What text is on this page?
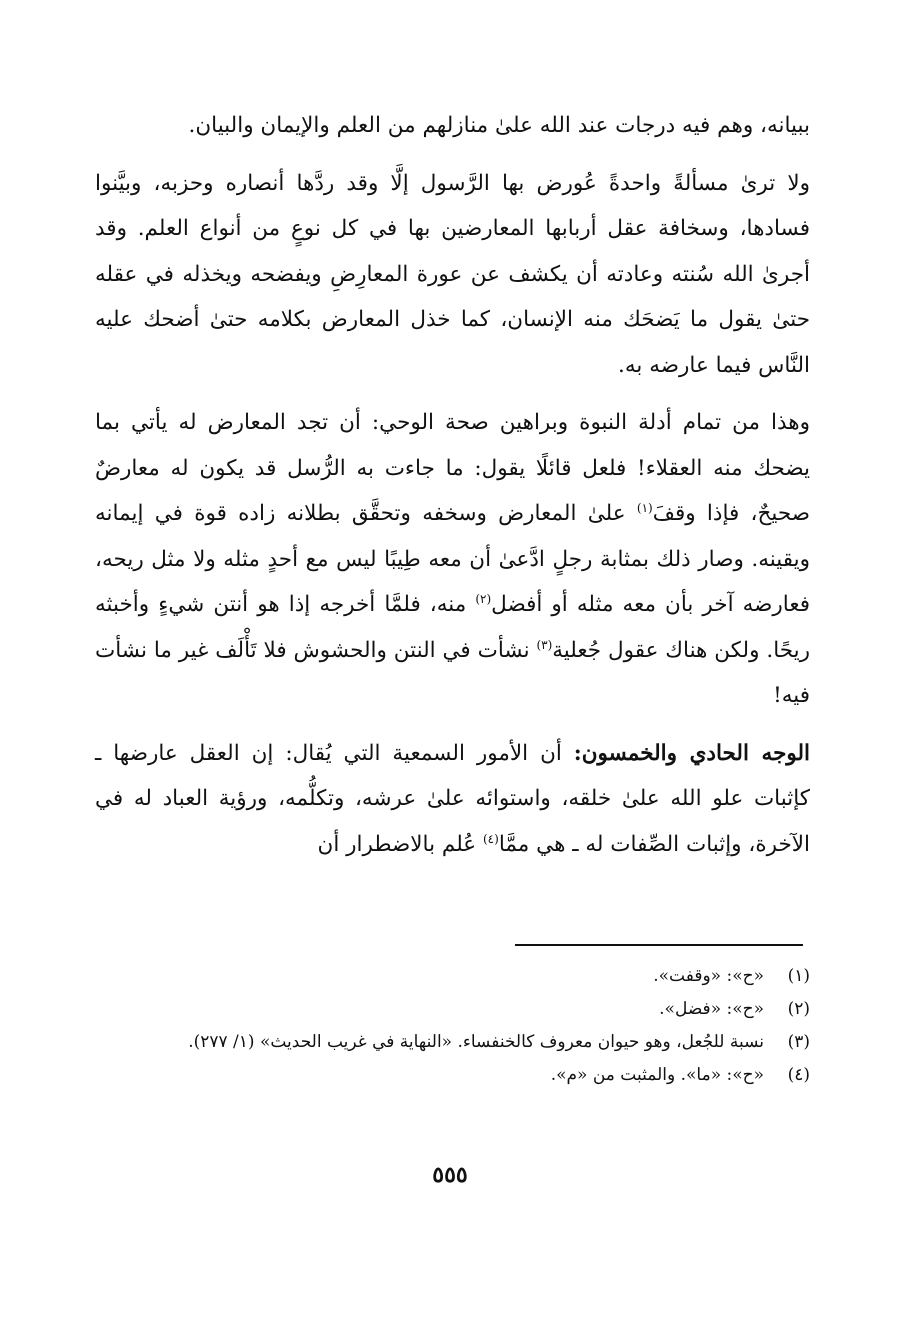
ببيانه، وهم فيه درجات عند الله علىٰ منازلهم من العلم والإيمان والبيان.

ولا ترىٰ مسألةً واحدةً عُورض بها الرَّسول إلَّا وقد ردَّها أنصاره وحزبه، وبيَّنوا فسادها، وسخافة عقل أربابها المعارضين بها في كل نوعٍ من أنواع العلم. وقد أجرىٰ الله سُنته وعادته أن يكشف عن عورة المعارِضِ ويفضحه ويخذله في عقله حتىٰ يقول ما يَضحَك منه الإنسان، كما خذل المعارض بكلامه حتىٰ أضحك عليه النَّاس فيما عارضه به.

وهذا من تمام أدلة النبوة وبراهين صحة الوحي: أن تجد المعارض له يأتي بما يضحك منه العقلاء! فلعل قائلًا يقول: ما جاءت به الرُّسل قد يكون له معارضٌ صحيحٌ، فإذا وقفَ$^{(١)}$ علىٰ المعارض وسخفه وتحقَّق بطلانه زاده قوة في إيمانه ويقينه. وصار ذلك بمثابة رجلٍ ادَّعىٰ أن معه طِيبًا ليس مع أحدٍ مثله ولا مثل ريحه، فعارضه آخر بأن معه مثله أو أفضل$^{(٢)}$ منه، فلمَّا أخرجه إذا هو أنتن شيءٍ وأخبثه ريحًا. ولكن هناك عقول جُعلية$^{(٣)}$ نشأت في النتن والحشوش فلا تَأْلَف غير ما نشأت فيه!

الوجه الحادي والخمسون: أن الأمور السمعية التي يُقال: إن العقل عارضها ـ كإثبات علو الله علىٰ خلقه، واستوائه علىٰ عرشه، وتكلُّمه، ورؤية العباد له في الآخرة، وإثبات الصِّفات له ـ هي ممَّا$^{(٤)}$ عُلم بالاضطرار أن

(١)
«ح»: «وقفت».
(٢)
«ح»: «فضل».
(٣)
نسبة للجُعل، وهو حيوان معروف كالخنفساء. «النهاية في غريب الحديث» (١/ ٢٧٧).
(٤)
«ح»: «ما». والمثبت من «م».
٥٥٥
